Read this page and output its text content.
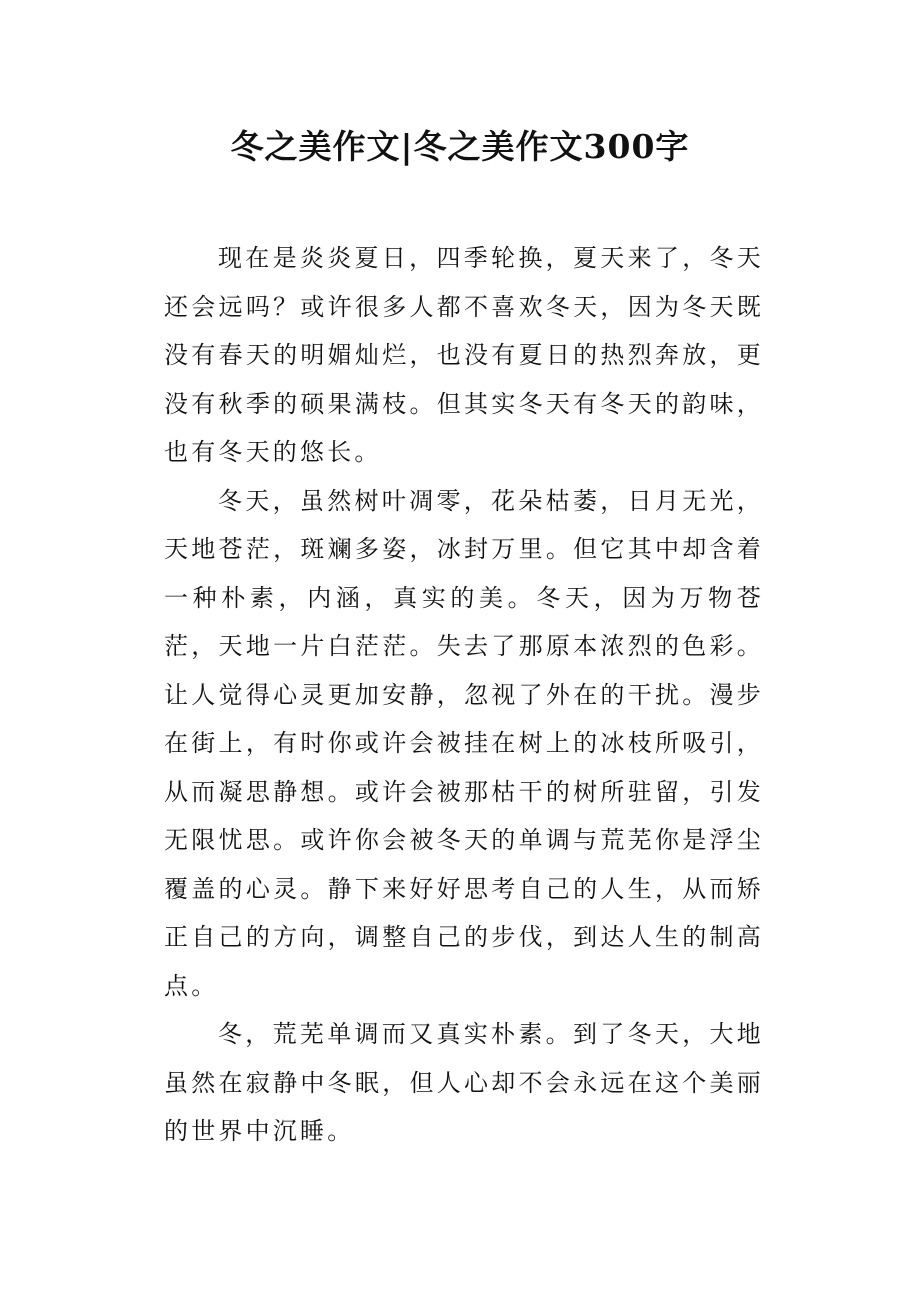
冬之美作文|冬之美作文300字

现在是炎炎夏日，四季轮换，夏天来了，冬天还会远吗？或许很多人都不喜欢冬天，因为冬天既没有春天的明媚灿烂，也没有夏日的热烈奔放，更没有秋季的硕果满枝。但其实冬天有冬天的韵味，也有冬天的悠长。

冬天，虽然树叶凋零，花朵枯萎，日月无光，天地苍茫，斑斓多姿，冰封万里。但它其中却含着一种朴素，内涵，真实的美。冬天，因为万物苍茫，天地一片白茫茫。失去了那原本浓烈的色彩。让人觉得心灵更加安静，忽视了外在的干扰。漫步在街上，有时你或许会被挂在树上的冰枝所吸引，从而凝思静想。或许会被那枯干的树所驻留，引发无限忧思。或许你会被冬天的单调与荒芜你是浮尘覆盖的心灵。静下来好好思考自己的人生，从而矫正自己的方向，调整自己的步伐，到达人生的制高点。

冬，荒芜单调而又真实朴素。到了冬天，大地虽然在寂静中冬眠，但人心却不会永远在这个美丽的世界中沉睡。
